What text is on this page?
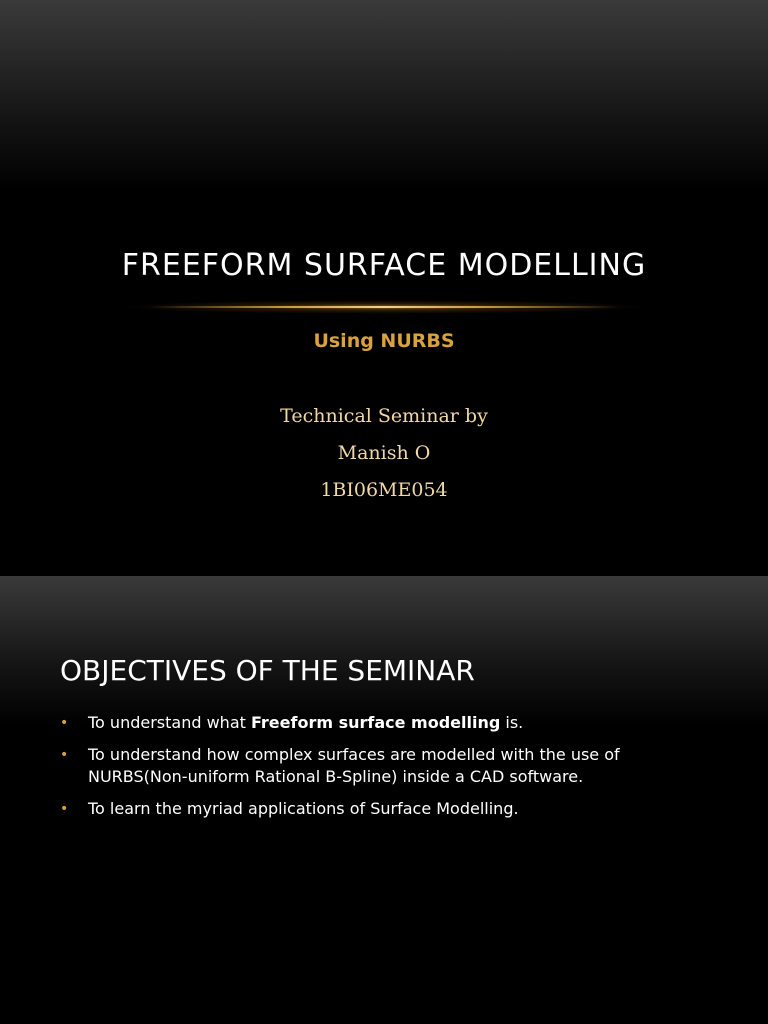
FREEFORM SURFACE MODELLING
Using NURBS
Technical Seminar by
Manish O
1BI06ME054
OBJECTIVES OF THE SEMINAR
• To understand what Freeform surface modelling is.
• To understand how complex surfaces are modelled with the use of NURBS(Non-uniform Rational B-Spline) inside a CAD software.
• To learn the myriad applications of Surface Modelling.
